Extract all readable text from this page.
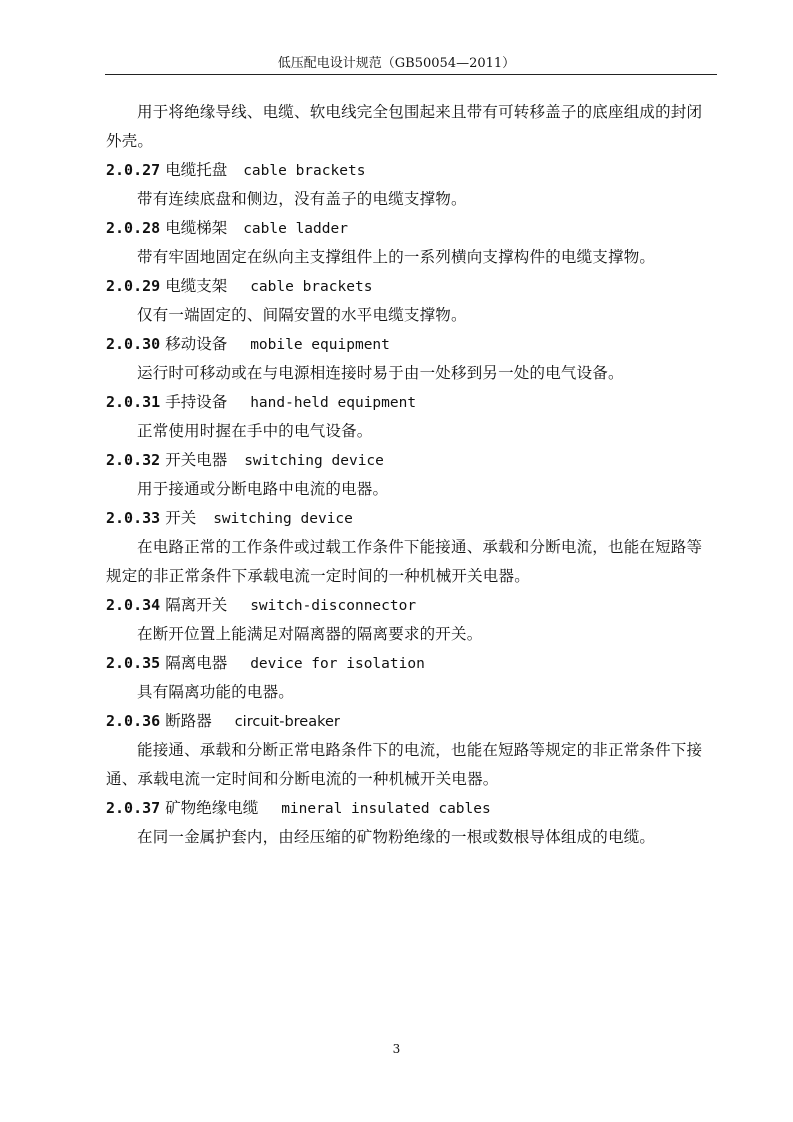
低压配电设计规范（GB50054—2011）

用于将绝缘导线、电缆、软电线完全包围起来且带有可转移盖子的底座组成的封闭

外壳。

2.0.27 电缆托盘 cable brackets

带有连续底盘和侧边，没有盖子的电缆支撑物。

2.0.28 电缆梯架 cable ladder

带有牢固地固定在纵向主支撑组件上的一系列横向支撑构件的电缆支撑物。

2.0.29 电缆支架 cable brackets

仅有一端固定的、间隔安置的水平电缆支撑物。

2.0.30 移动设备 mobile equipment

运行时可移动或在与电源相连接时易于由一处移到另一处的电气设备。

2.0.31 手持设备 hand-held equipment

正常使用时握在手中的电气设备。

2.0.32 开关电器 switching device

用于接通或分断电路中电流的电器。

2.0.33 开关 switching device

在电路正常的工作条件或过载工作条件下能接通、承载和分断电流，也能在短路等

规定的非正常条件下承载电流一定时间的一种机械开关电器。

2.0.34 隔离开关 switch-disconnector

在断开位置上能满足对隔离器的隔离要求的开关。

2.0.35 隔离电器 device for isolation

具有隔离功能的电器。

2.0.36 断路器 circuit-breaker

能接通、承载和分断正常电路条件下的电流，也能在短路等规定的非正常条件下接

通、承载电流一定时间和分断电流的一种机械开关电器。

2.0.37 矿物绝缘电缆 mineral insulated cables

在同一金属护套内，由经压缩的矿物粉绝缘的一根或数根导体组成的电缆。

3
